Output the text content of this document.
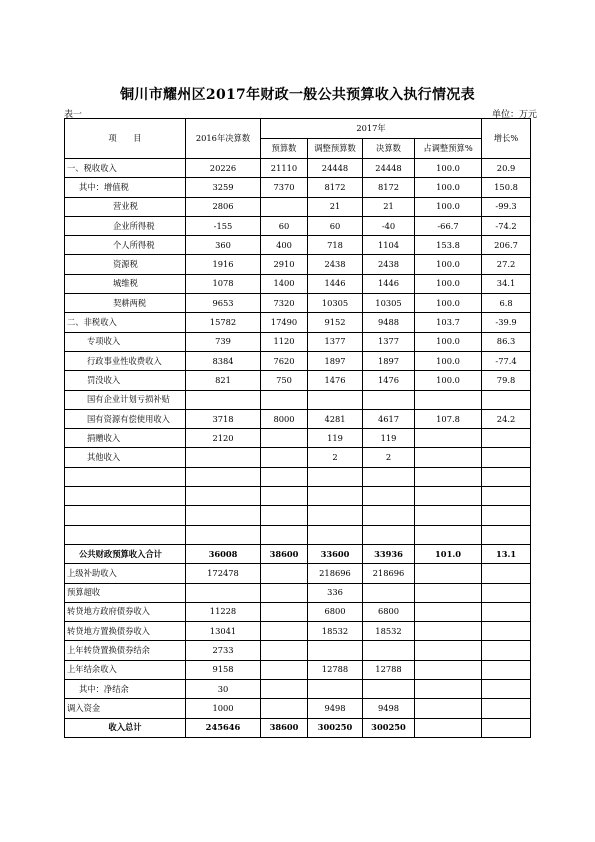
铜川市耀州区2017年财政一般公共预算收入执行情况表
表一	单位：万元
项　　目	2016年决算数	2017年				增长%
		预算数	调整预算数	决算数	占调整预算%	
一、税收收入	20226	21110	24448	24448	100.0	20.9
其中：增值税	3259	7370	8172	8172	100.0	150.8
营业税	2806		21	21	100.0	-99.3
企业所得税	-155	60	60	-40	-66.7	-74.2
个人所得税	360	400	718	1104	153.8	206.7
资源税	1916	2910	2438	2438	100.0	27.2
城维税	1078	1400	1446	1446	100.0	34.1
契耕两税	9653	7320	10305	10305	100.0	6.8
二、非税收入	15782	17490	9152	9488	103.7	-39.9
专项收入	739	1120	1377	1377	100.0	86.3
行政事业性收费收入	8384	7620	1897	1897	100.0	-77.4
罚没收入	821	750	1476	1476	100.0	79.8
国有企业计划亏损补贴						
国有资源有偿使用收入	3718	8000	4281	4617	107.8	24.2
捐赠收入	2120		119	119		
其他收入			2	2		

公共财政预算收入合计	36008	38600	33600	33936	101.0	13.1
上级补助收入	172478		218696	218696		
预算超收			336			
转贷地方政府债券收入	11228		6800	6800		
转贷地方置换债券收入	13041		18532	18532		
上年转贷置换债券结余	2733					
上年结余收入	9158		12788	12788		
其中：净结余	30					
调入资金	1000		9498	9498		
收入总计	245646	38600	300250	300250		
